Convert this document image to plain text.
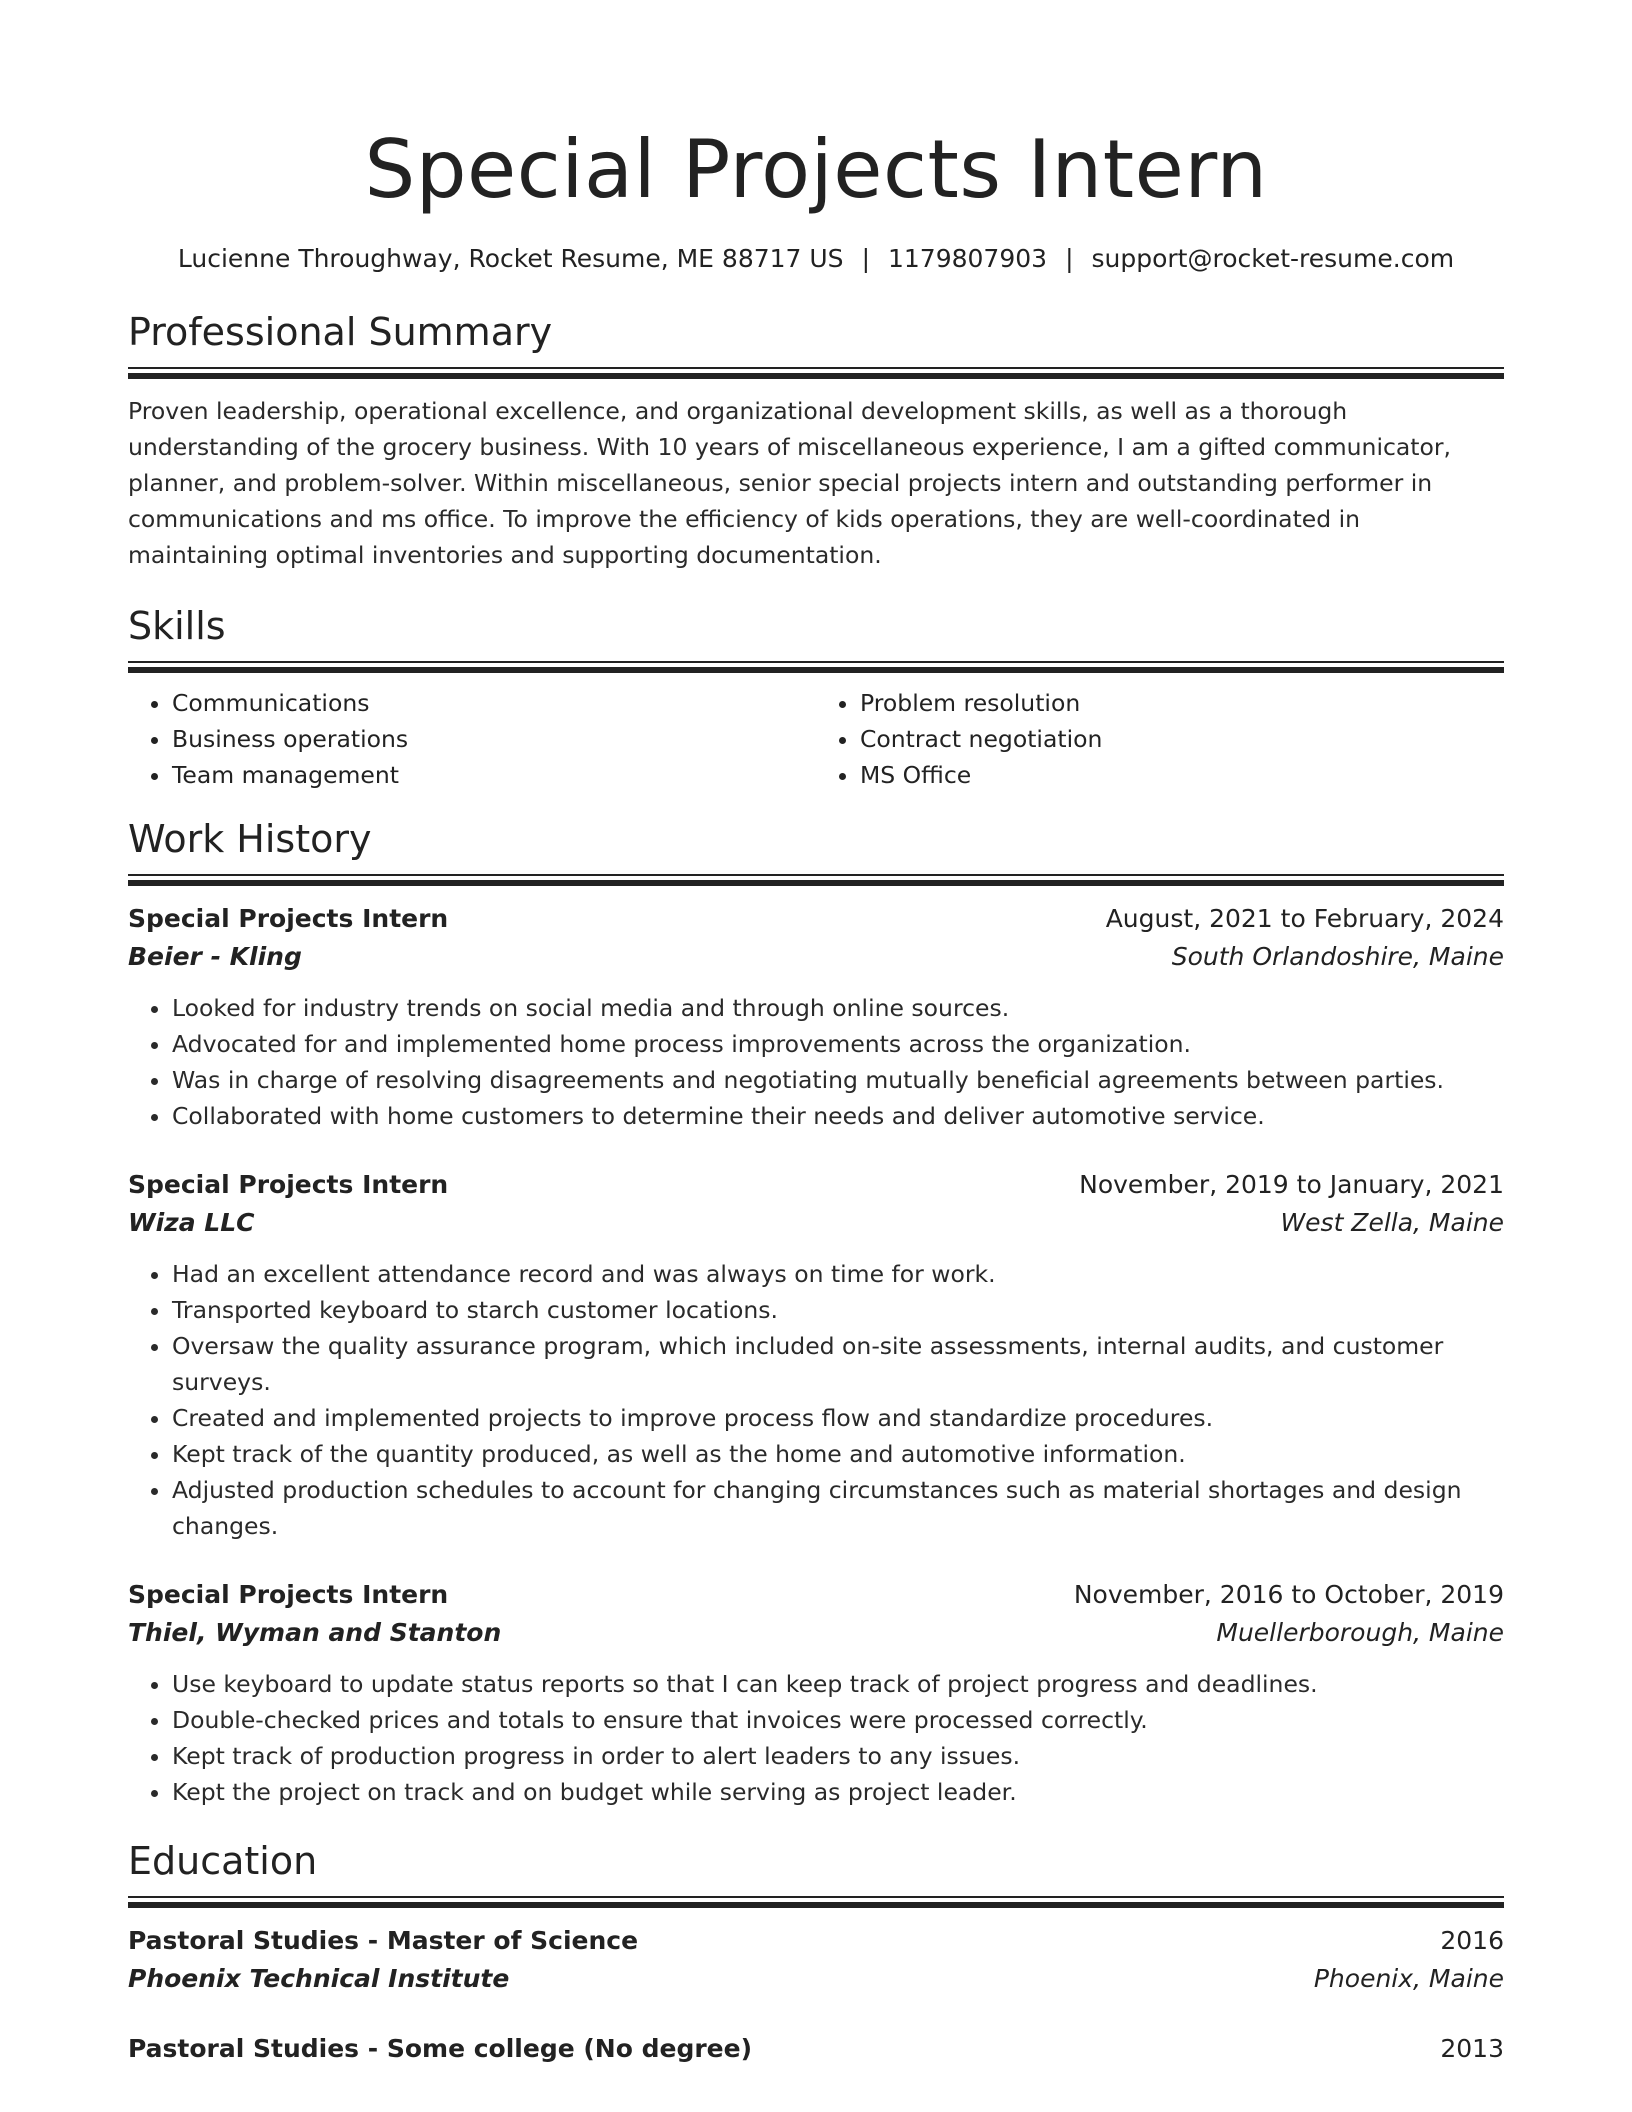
Special Projects Intern
Lucienne Throughway, Rocket Resume, ME 88717 US | 1179807903 | support@rocket-resume.com
Professional Summary
Proven leadership, operational excellence, and organizational development skills, as well as a thorough understanding of the grocery business. With 10 years of miscellaneous experience, I am a gifted communicator, planner, and problem-solver. Within miscellaneous, senior special projects intern and outstanding performer in communications and ms office. To improve the efficiency of kids operations, they are well-coordinated in maintaining optimal inventories and supporting documentation.
Skills
• Communications
• Business operations
• Team management
• Problem resolution
• Contract negotiation
• MS Office
Work History
Special Projects Intern	August, 2021 to February, 2024
Beier - Kling	South Orlandoshire, Maine
• Looked for industry trends on social media and through online sources.
• Advocated for and implemented home process improvements across the organization.
• Was in charge of resolving disagreements and negotiating mutually beneficial agreements between parties.
• Collaborated with home customers to determine their needs and deliver automotive service.
Special Projects Intern	November, 2019 to January, 2021
Wiza LLC	West Zella, Maine
• Had an excellent attendance record and was always on time for work.
• Transported keyboard to starch customer locations.
• Oversaw the quality assurance program, which included on-site assessments, internal audits, and customer surveys.
• Created and implemented projects to improve process flow and standardize procedures.
• Kept track of the quantity produced, as well as the home and automotive information.
• Adjusted production schedules to account for changing circumstances such as material shortages and design changes.
Special Projects Intern	November, 2016 to October, 2019
Thiel, Wyman and Stanton	Muellerborough, Maine
• Use keyboard to update status reports so that I can keep track of project progress and deadlines.
• Double-checked prices and totals to ensure that invoices were processed correctly.
• Kept track of production progress in order to alert leaders to any issues.
• Kept the project on track and on budget while serving as project leader.
Education
Pastoral Studies - Master of Science	2016
Phoenix Technical Institute	Phoenix, Maine
Pastoral Studies - Some college (No degree)	2013
